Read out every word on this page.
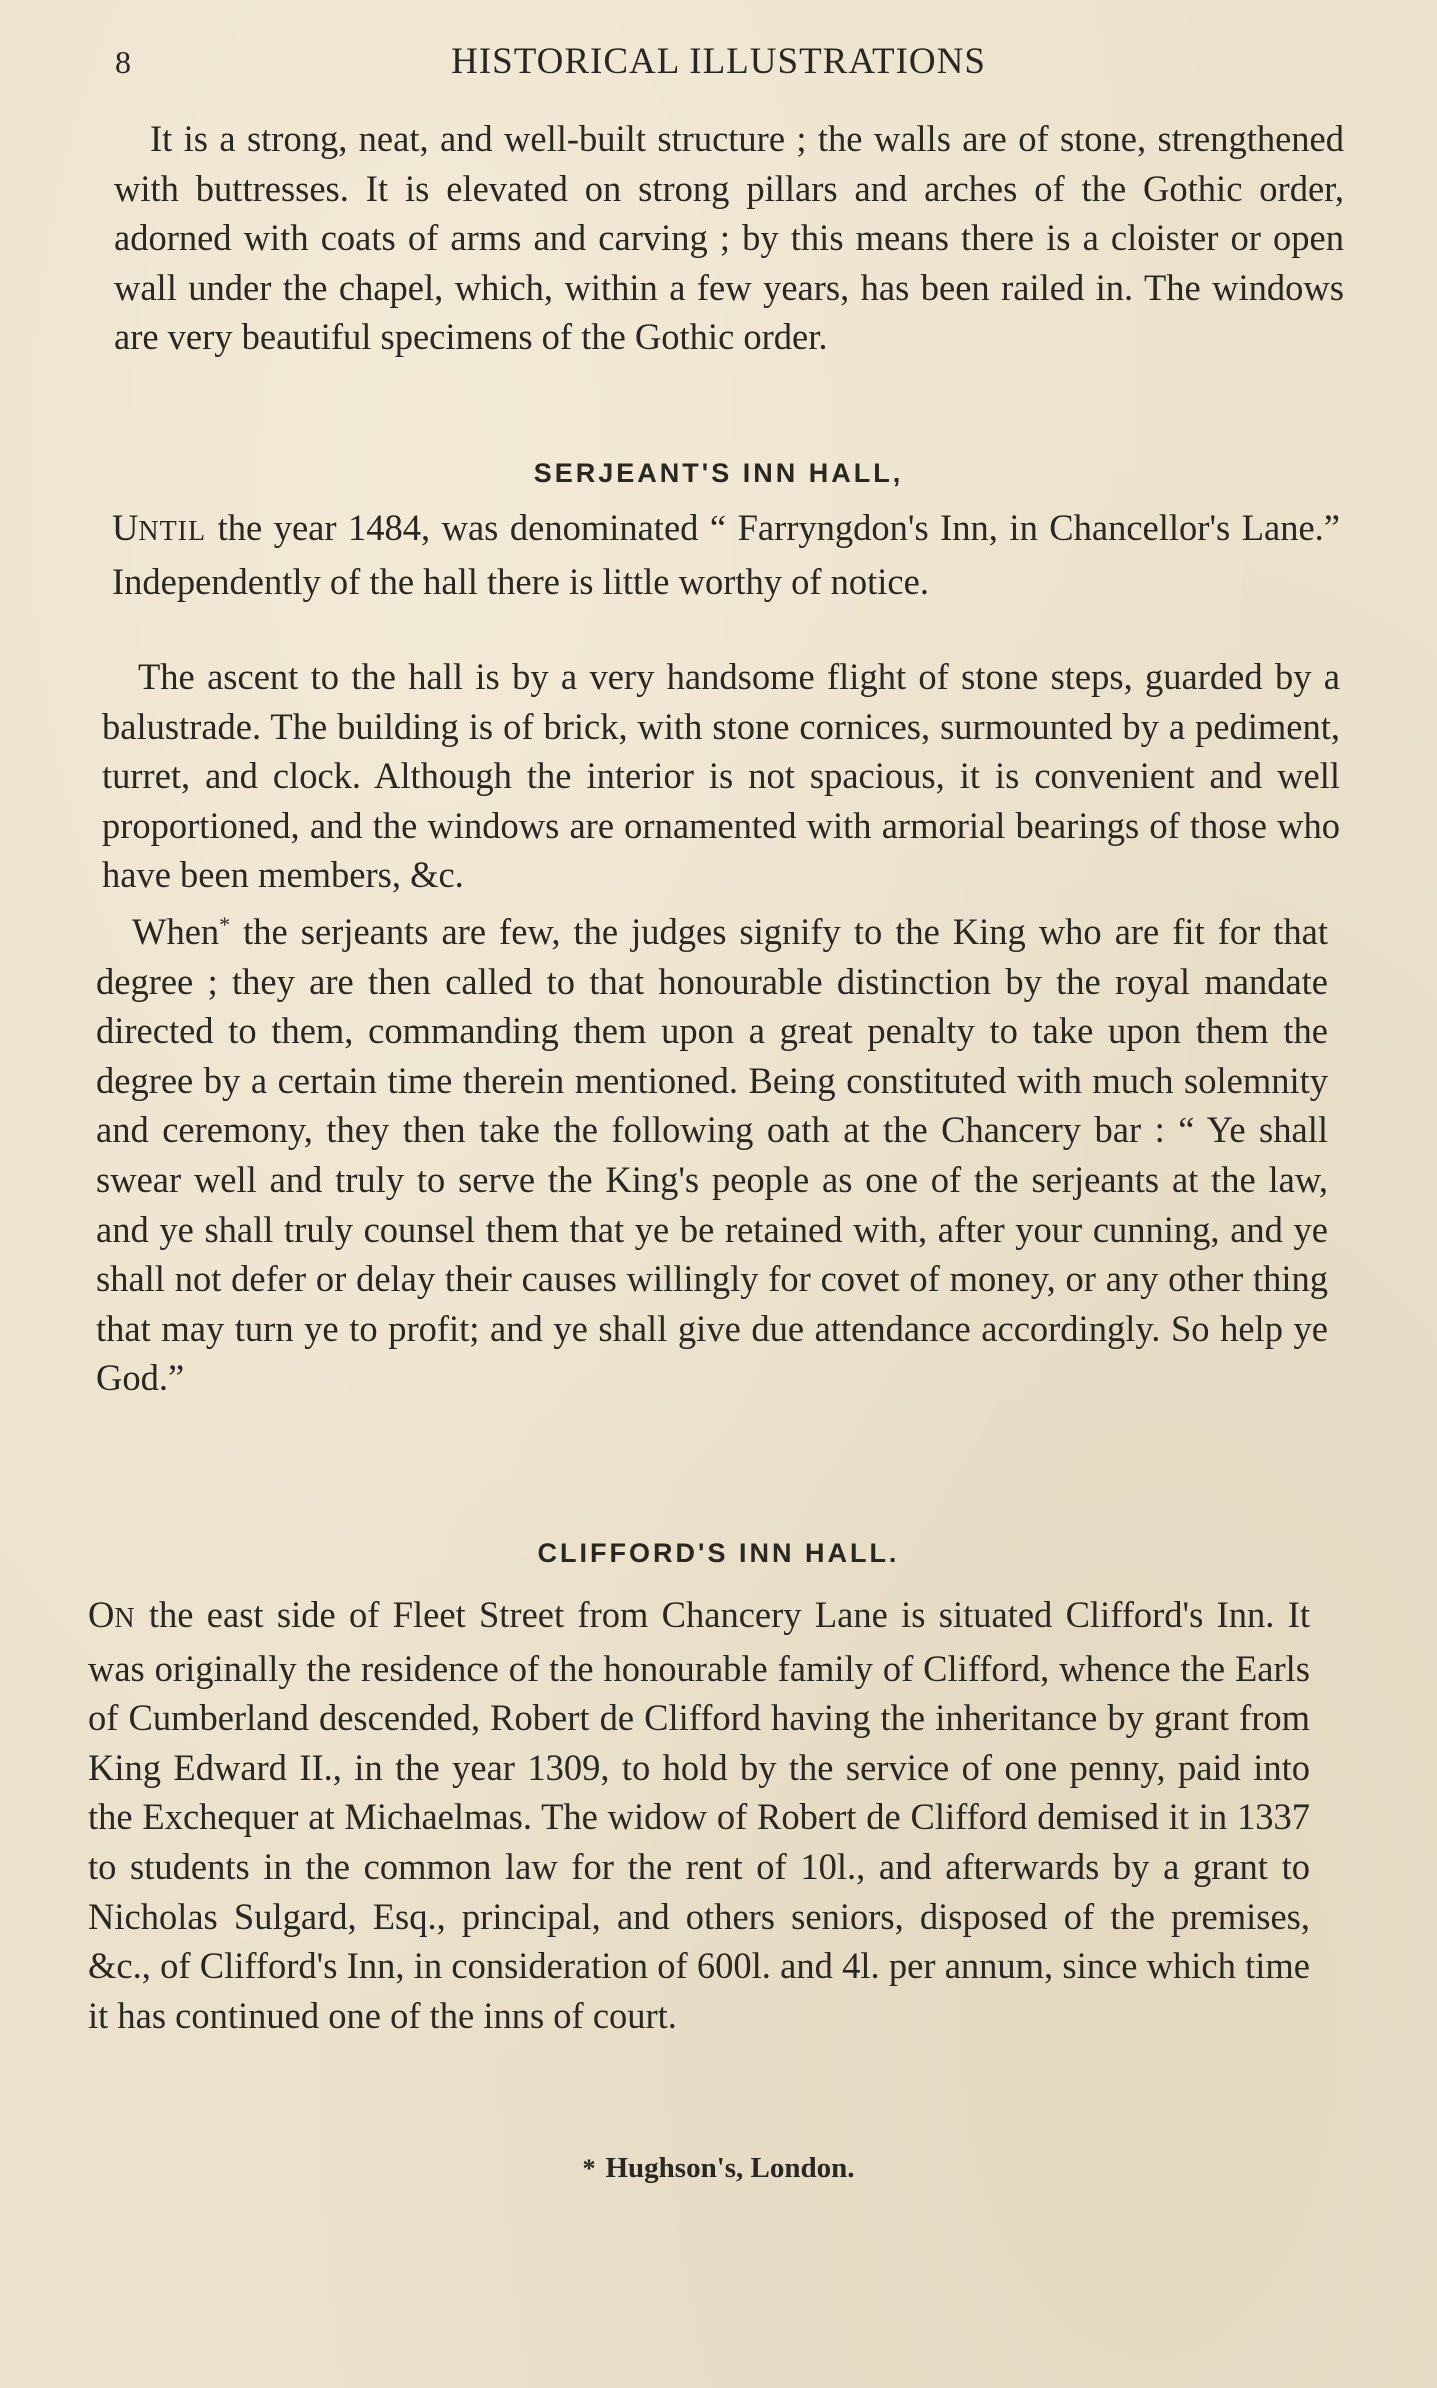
8	HISTORICAL ILLUSTRATIONS

It is a strong, neat, and well-built structure ; the walls are of stone, strengthened with buttresses. It is elevated on strong pillars and arches of the Gothic order, adorned with coats of arms and carving ; by this means there is a cloister or open wall under the chapel, which, within a few years, has been railed in. The windows are very beautiful specimens of the Gothic order.

SERJEANT'S INN HALL,

UNTIL the year 1484, was denominated “ Farryngdon's Inn, in Chancellor's Lane.” Independently of the hall there is little worthy of notice.

The ascent to the hall is by a very handsome flight of stone steps, guarded by a balustrade. The building is of brick, with stone cornices, surmounted by a pediment, turret, and clock. Although the interior is not spacious, it is convenient and well proportioned, and the windows are ornamented with armorial bearings of those who have been members, &c.

When* the serjeants are few, the judges signify to the King who are fit for that degree ; they are then called to that honourable distinction by the royal mandate directed to them, commanding them upon a great penalty to take upon them the degree by a certain time therein mentioned. Being constituted with much solemnity and ceremony, they then take the following oath at the Chancery bar : “ Ye shall swear well and truly to serve the King's people as one of the serjeants at the law, and ye shall truly counsel them that ye be retained with, after your cunning, and ye shall not defer or delay their causes willingly for covet of money, or any other thing that may turn ye to profit; and ye shall give due attendance accordingly. So help ye God.”

CLIFFORD'S INN HALL.

ON the east side of Fleet Street from Chancery Lane is situated Clifford's Inn. It was originally the residence of the honourable family of Clifford, whence the Earls of Cumberland descended, Robert de Clifford having the inheritance by grant from King Edward II., in the year 1309, to hold by the service of one penny, paid into the Exchequer at Michaelmas. The widow of Robert de Clifford demised it in 1337 to students in the common law for the rent of 10l., and afterwards by a grant to Nicholas Sulgard, Esq., principal, and others seniors, disposed of the premises, &c., of Clifford's Inn, in consideration of 600l. and 4l. per annum, since which time it has continued one of the inns of court.

* Hughson's, London.
